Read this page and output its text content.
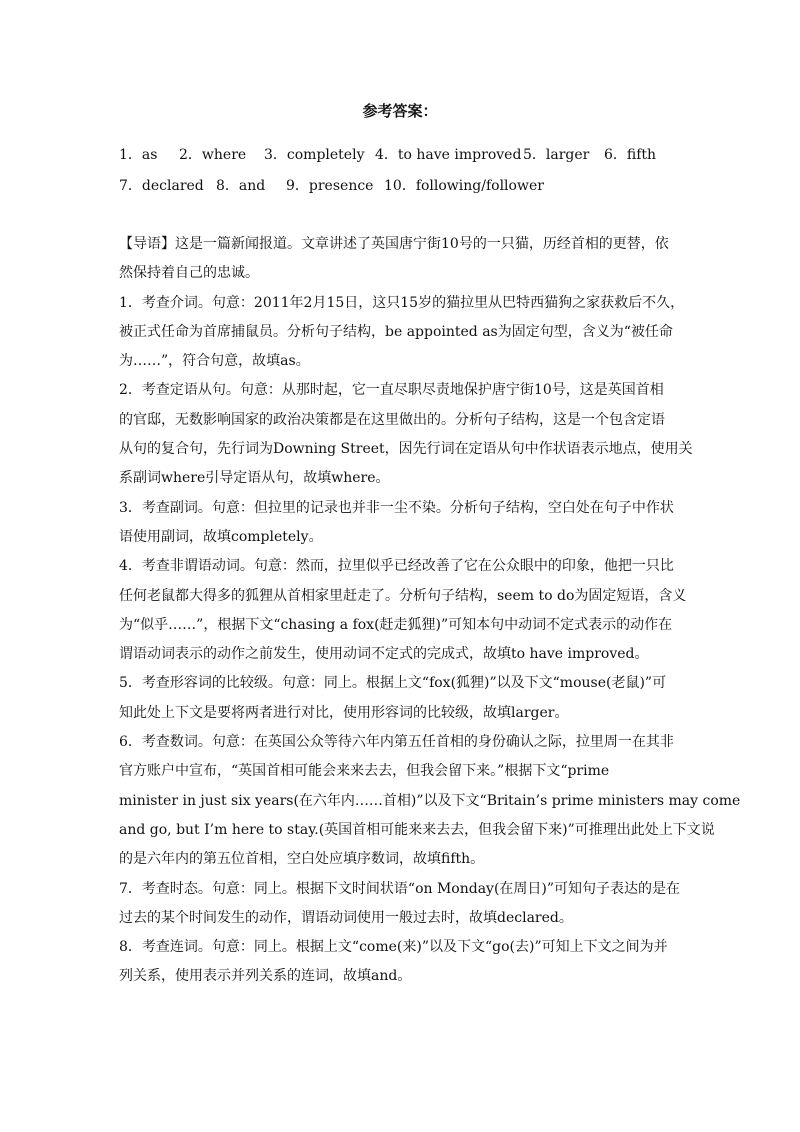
参考答案：
1．as 2．where 3．completely 4．to have improved 5．larger 6．fifth
7．declared 8．and 9．presence 10．following/follower
【导语】这是一篇新闻报道。文章讲述了英国唐宁街10号的一只猫，历经首相的更替，依
然保持着自己的忠诚。
1．考查介词。句意：2011年2月15日，这只15岁的猫拉里从巴特西猫狗之家获救后不久，
被正式任命为首席捕鼠员。分析句子结构，be appointed as为固定句型，含义为“被任命
为……”，符合句意，故填as。
2．考查定语从句。句意：从那时起，它一直尽职尽责地保护唐宁街10号，这是英国首相
的官邸，无数影响国家的政治决策都是在这里做出的。分析句子结构，这是一个包含定语
从句的复合句，先行词为Downing Street，因先行词在定语从句中作状语表示地点，使用关
系副词where引导定语从句，故填where。
3．考查副词。句意：但拉里的记录也并非一尘不染。分析句子结构，空白处在句子中作状
语使用副词，故填completely。
4．考查非谓语动词。句意：然而，拉里似乎已经改善了它在公众眼中的印象，他把一只比
任何老鼠都大得多的狐狸从首相家里赶走了。分析句子结构，seem to do为固定短语，含义
为“似乎……”，根据下文“chasing a fox(赶走狐狸)”可知本句中动词不定式表示的动作在
谓语动词表示的动作之前发生，使用动词不定式的完成式，故填to have improved。
5．考查形容词的比较级。句意：同上。根据上文“fox(狐狸)”以及下文“mouse(老鼠)”可
知此处上下文是要将两者进行对比，使用形容词的比较级，故填larger。
6．考查数词。句意：在英国公众等待六年内第五任首相的身份确认之际，拉里周一在其非
官方账户中宣布，“英国首相可能会来来去去，但我会留下来。”根据下文“prime
minister in just six years(在六年内……首相)”以及下文“Britain’s prime ministers may come
and go, but I’m here to stay.(英国首相可能来来去去，但我会留下来)”可推理出此处上下文说
的是六年内的第五位首相，空白处应填序数词，故填fifth。
7．考查时态。句意：同上。根据下文时间状语“on Monday(在周日)”可知句子表达的是在
过去的某个时间发生的动作，谓语动词使用一般过去时，故填declared。
8．考查连词。句意：同上。根据上文“come(来)”以及下文“go(去)”可知上下文之间为并
列关系，使用表示并列关系的连词，故填and。
